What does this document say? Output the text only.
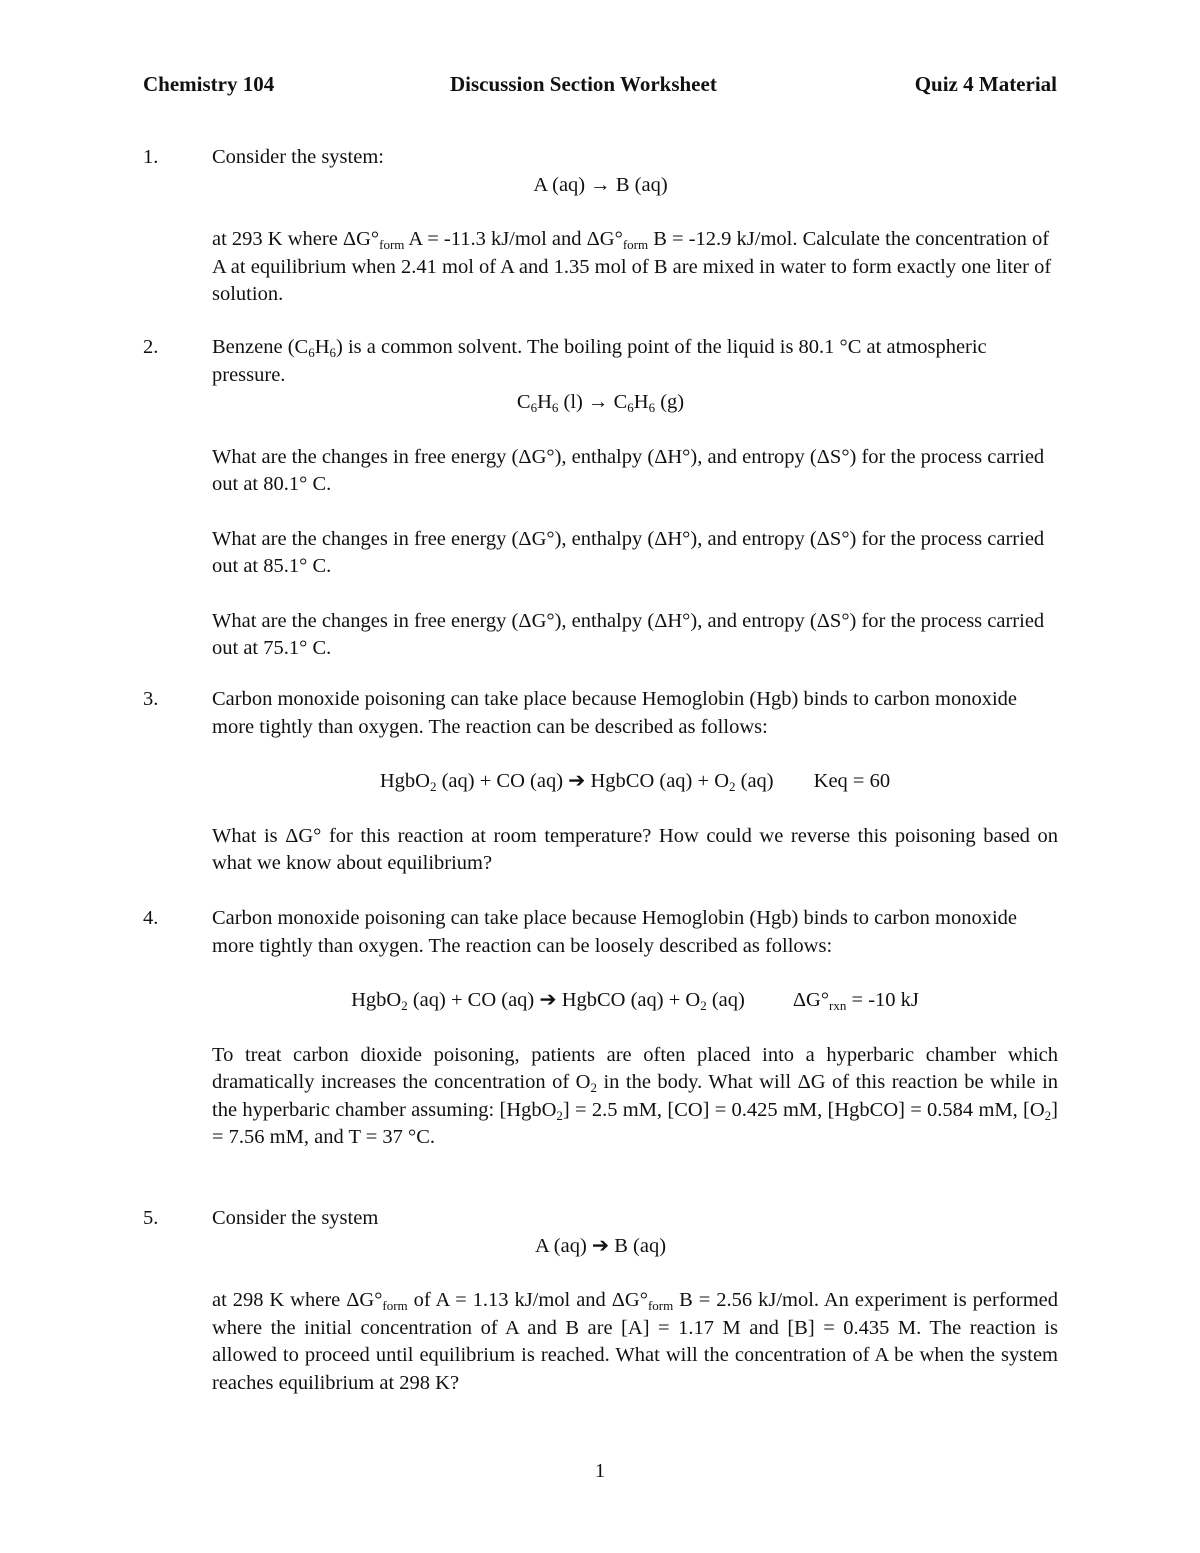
Chemistry 104	Discussion Section Worksheet	Quiz 4 Material
1.	Consider the system:

A (aq) → B (aq)

at 293 K where $\Delta G^\circ_{form}$ A = -11.3 kJ/mol and $\Delta G^\circ_{form}$ B = -12.9 kJ/mol. Calculate the concentration of A at equilibrium when 2.41 mol of A and 1.35 mol of B are mixed in water to form exactly one liter of solution.

2.	Benzene $(C_6H_6)$ is a common solvent. The boiling point of the liquid is 80.1 °C at atmospheric pressure.

$C_6H_6$ $(l) \to C_6H_6$ (g)

What are the changes in free energy (ΔG°), enthalpy (ΔH°), and entropy (ΔS°) for the process carried out at 80.1° C.

What are the changes in free energy (ΔG°), enthalpy (ΔH°), and entropy (ΔS°) for the process carried out at 85.1° C.

What are the changes in free energy (ΔG°), enthalpy (ΔH°), and entropy (ΔS°) for the process carried out at 75.1° C.

3.	Carbon monoxide poisoning can take place because Hemoglobin (Hgb) binds to carbon monoxide more tightly than oxygen. The reaction can be described as follows:

HgbO$_2$ (aq) + CO (aq) ➔ HgbCO $(aq) + O_2$ (aq) Keq = 60

What is ΔG° for this reaction at room temperature? How could we reverse this poisoning based on what we know about equilibrium?

4.	Carbon monoxide poisoning can take place because Hemoglobin (Hgb) binds to carbon monoxide more tightly than oxygen. The reaction can be loosely described as follows:

HgbO$_2$ (aq) + CO (aq) ➔ HgbCO $(aq) + O_2$ (aq) $\Delta G^\circ_{rxn} = -10$ kJ

To treat carbon dioxide poisoning, patients are often placed into a hyperbaric chamber which dramatically increases the concentration of $O_2$ in the body. What will ΔG of this reaction be while in the hyperbaric chamber assuming: [HgbO$_2$] = 2.5 mM, [CO] = 0.425 mM, [HgbCO] = 0.584 mM, $[O_2] = 7.56$ mM, and T = 37 °C.

5.	Consider the system

A (aq) ➔ B (aq)

at 298 K where $\Delta G^\circ_{form}$ of A = 1.13 kJ/mol and $\Delta G^\circ_{form}$ B = 2.56 kJ/mol. An experiment is performed where the initial concentration of A and B are [A] = 1.17 M and [B] = 0.435 M. The reaction is allowed to proceed until equilibrium is reached. What will the concentration of A be when the system reaches equilibrium at 298 K?

1
